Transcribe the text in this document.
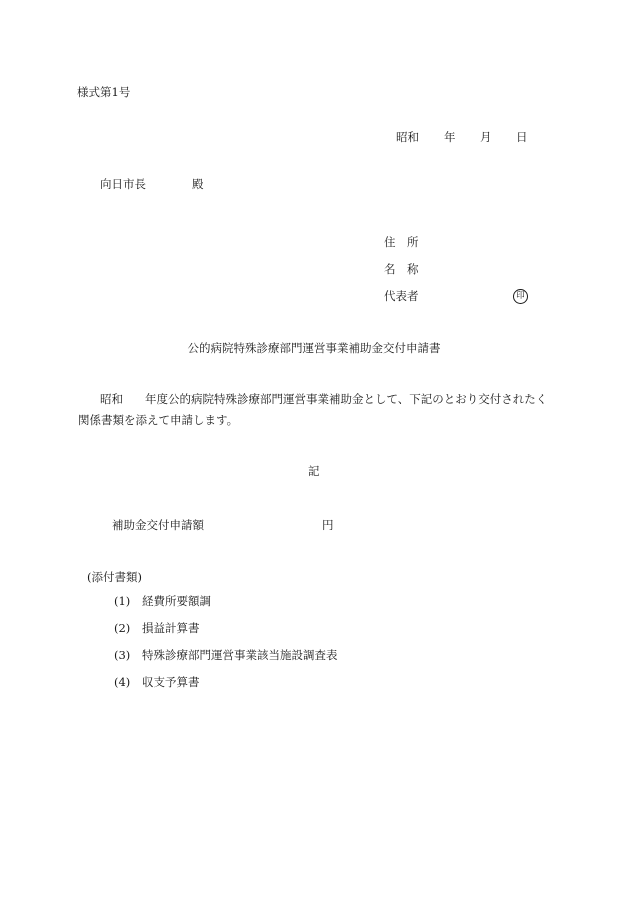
様式第1号
昭和 年 月 日
向日市長	殿
住　所
名　称
代表者	印
公的病院特殊診療部門運営事業補助金交付申請書
昭和 年度公的病院特殊診療部門運営事業補助金として、下記のとおり交付されたく関係書類を添えて申請します。
記
補助金交付申請額	円
(添付書類)
(1) 経費所要額調
(2) 損益計算書
(3) 特殊診療部門運営事業該当施設調査表
(4) 収支予算書
